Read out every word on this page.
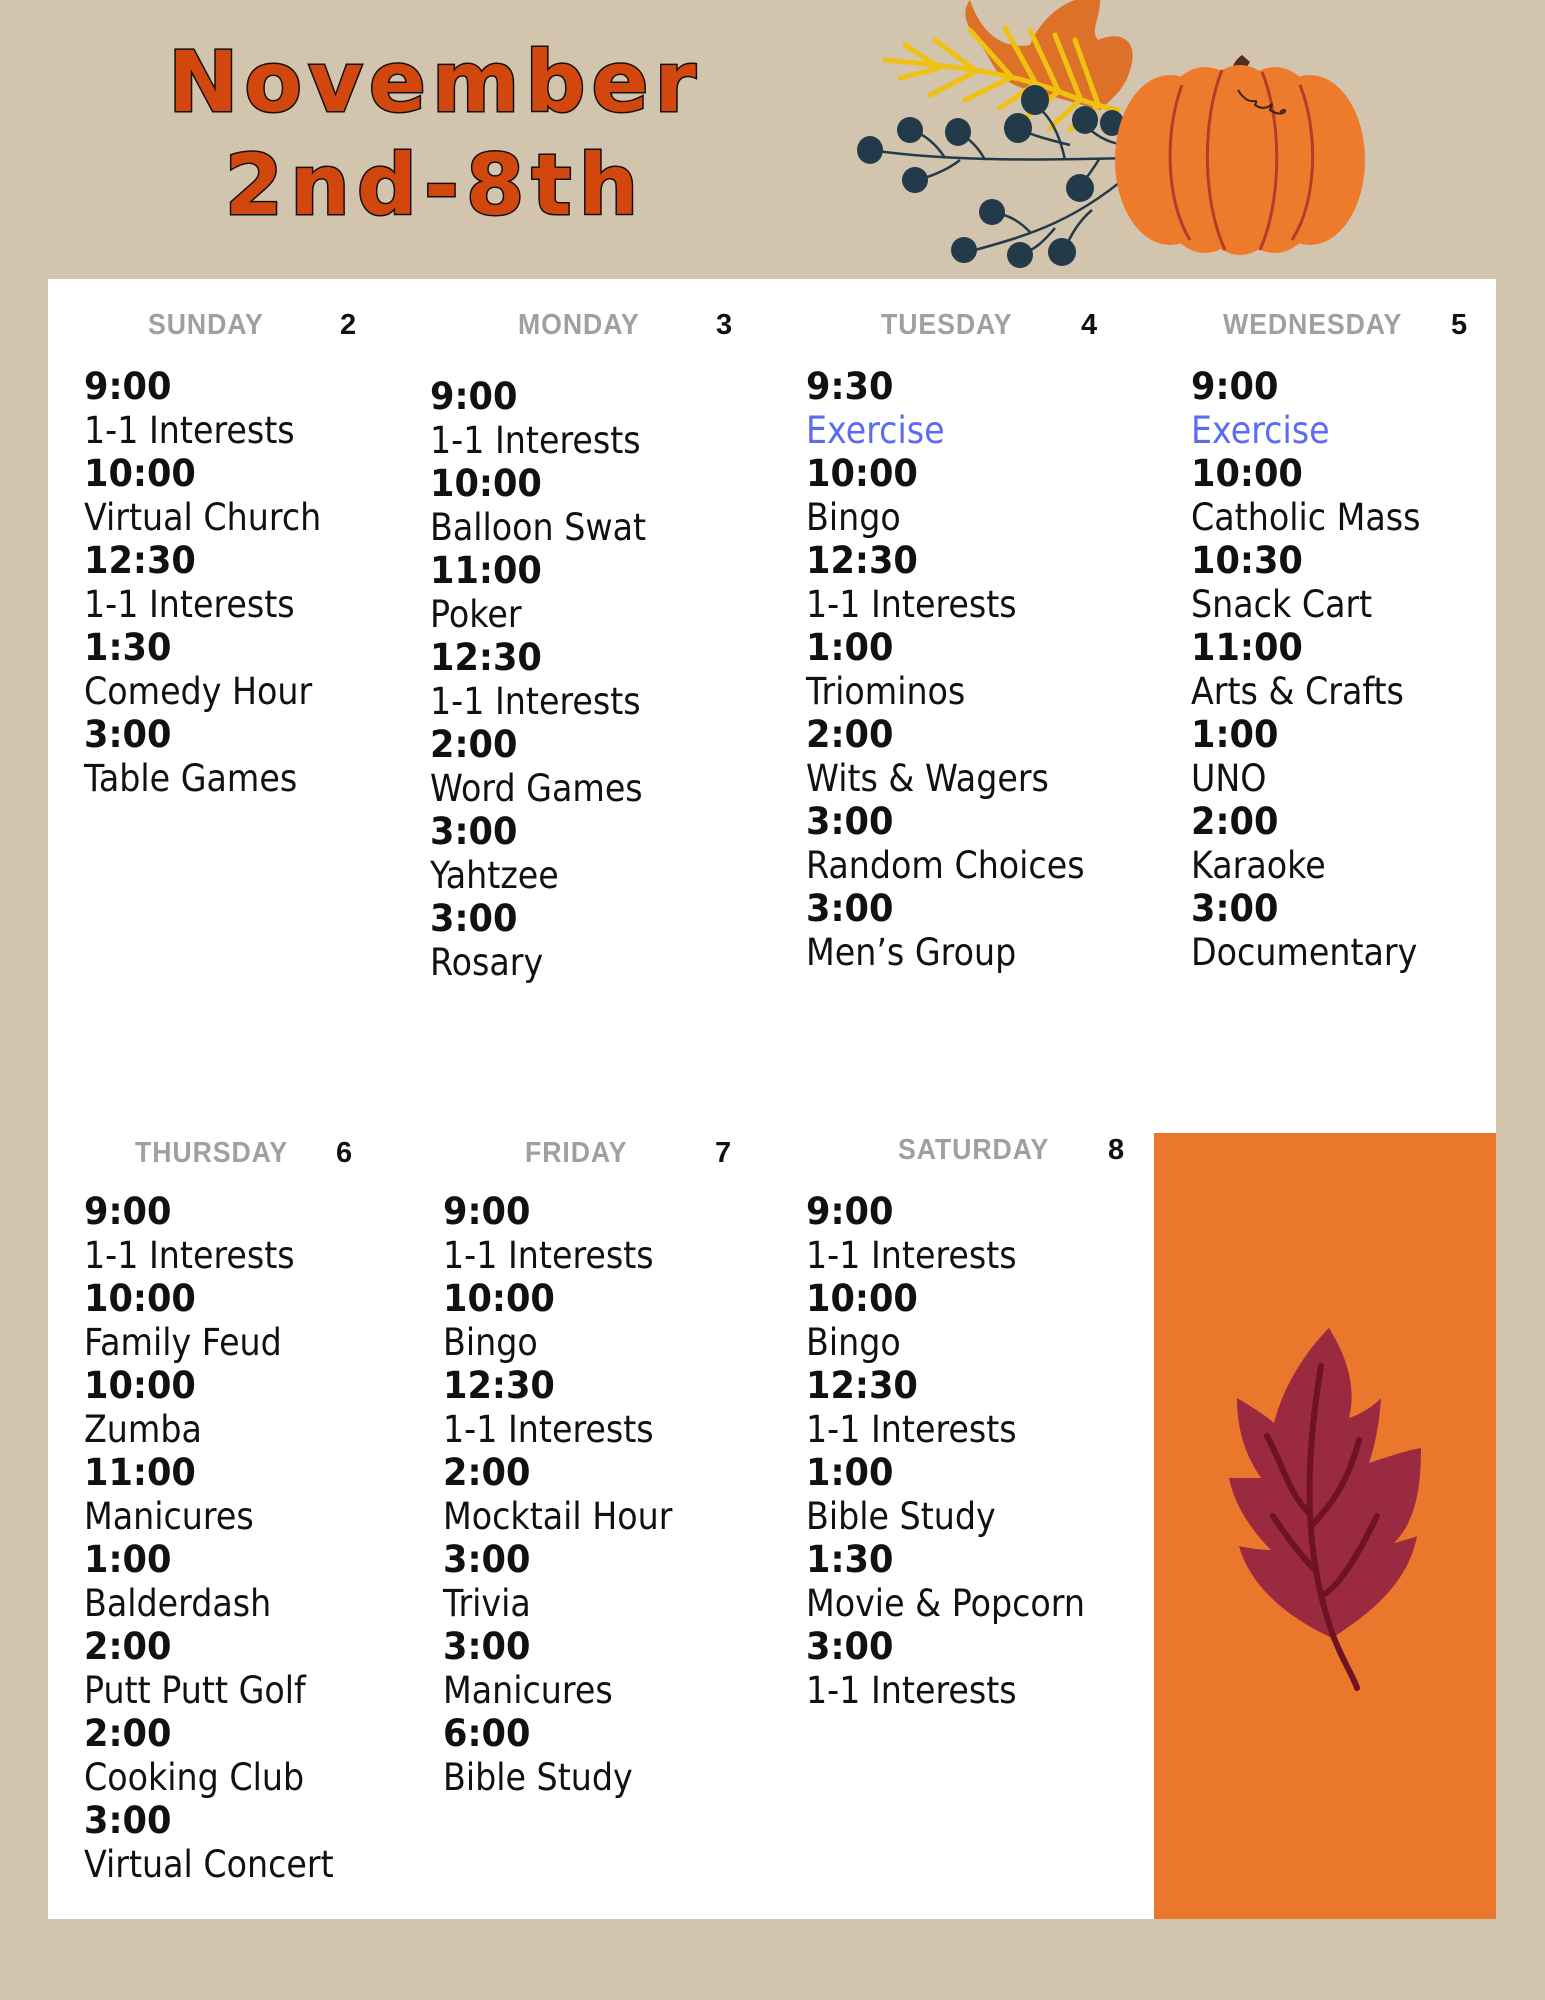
November
2nd-8th
SUNDAY	2
9:00
1-1 Interests
10:00
Virtual Church
12:30
1-1 Interests
1:30
Comedy Hour
3:00
Table Games
MONDAY	3
9:00
1-1 Interests
10:00
Balloon Swat
11:00
Poker
12:30
1-1 Interests
2:00
Word Games
3:00
Yahtzee
3:00
Rosary
TUESDAY 4
9:30
Exercise
10:00
Bingo
12:30
1-1 Interests
1:00
Triominos
2:00
Wits & Wagers
3:00
Random Choices
3:00
Men’s Group
WEDNESDAY 5
9:00
Exercise
10:00
Catholic Mass
10:30
Snack Cart
11:00
Arts & Crafts
1:00
UNO
2:00
Karaoke
3:00
Documentary
THURSDAY 6
9:00
1-1 Interests
10:00
Family Feud
10:00
Zumba
11:00
Manicures
1:00
Balderdash
2:00
Putt Putt Golf
2:00
Cooking Club
3:00
Virtual Concert
FRIDAY	7
9:00
1-1 Interests
10:00
Bingo
12:30
1-1 Interests
2:00
Mocktail Hour
3:00
Trivia
3:00
Manicures
6:00
Bible Study
SATURDAY 8
9:00
1-1 Interests
10:00
Bingo
12:30
1-1 Interests
1:00
Bible Study
1:30
Movie & Popcorn
3:00
1-1 Interests
